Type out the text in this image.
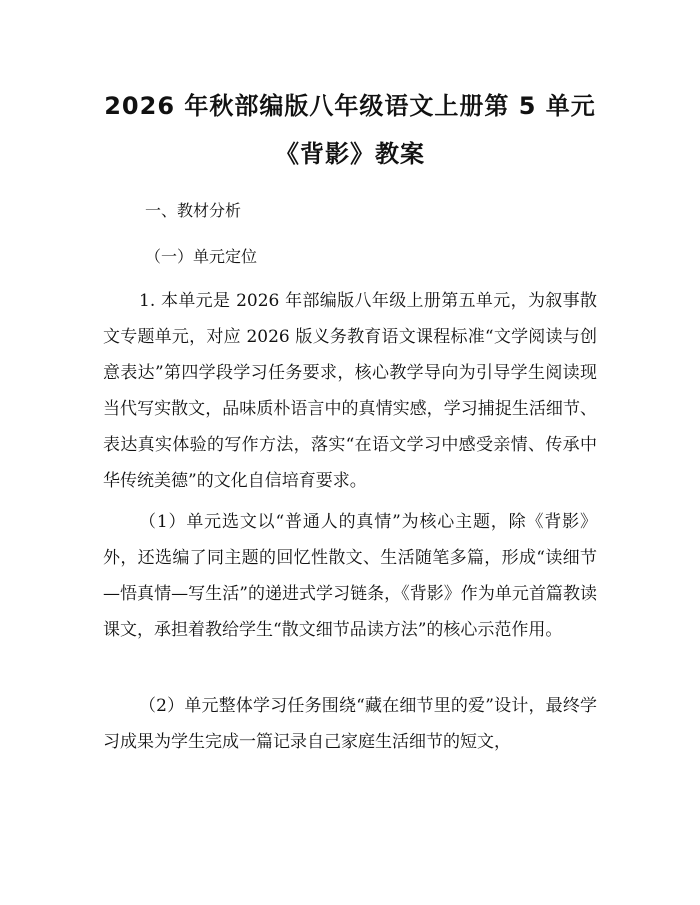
2026 年秋部编版八年级语文上册第 5 单元
《背影》教案
一、教材分析
（一）单元定位

1. 本单元是 2026 年部编版八年级上册第五单元，为叙事散文专题单元，对应 2026 版义务教育语文课程标准“文学阅读与创意表达”第四学段学习任务要求，核心教学导向为引导学生阅读现当代写实散文，品味质朴语言中的真情实感，学习捕捉生活细节、表达真实体验的写作方法，落实“在语文学习中感受亲情、传承中华传统美德”的文化自信培育要求。

（1）单元选文以“普通人的真情”为核心主题，除《背影》外，还选编了同主题的回忆性散文、生活随笔多篇，形成“读细节—悟真情—写生活”的递进式学习链条，《背影》作为单元首篇教读课文，承担着教给学生“散文细节品读方法”的核心示范作用。

（2）单元整体学习任务围绕“藏在细节里的爱”设计，最终学习成果为学生完成一篇记录自己家庭生活细节的短文，
